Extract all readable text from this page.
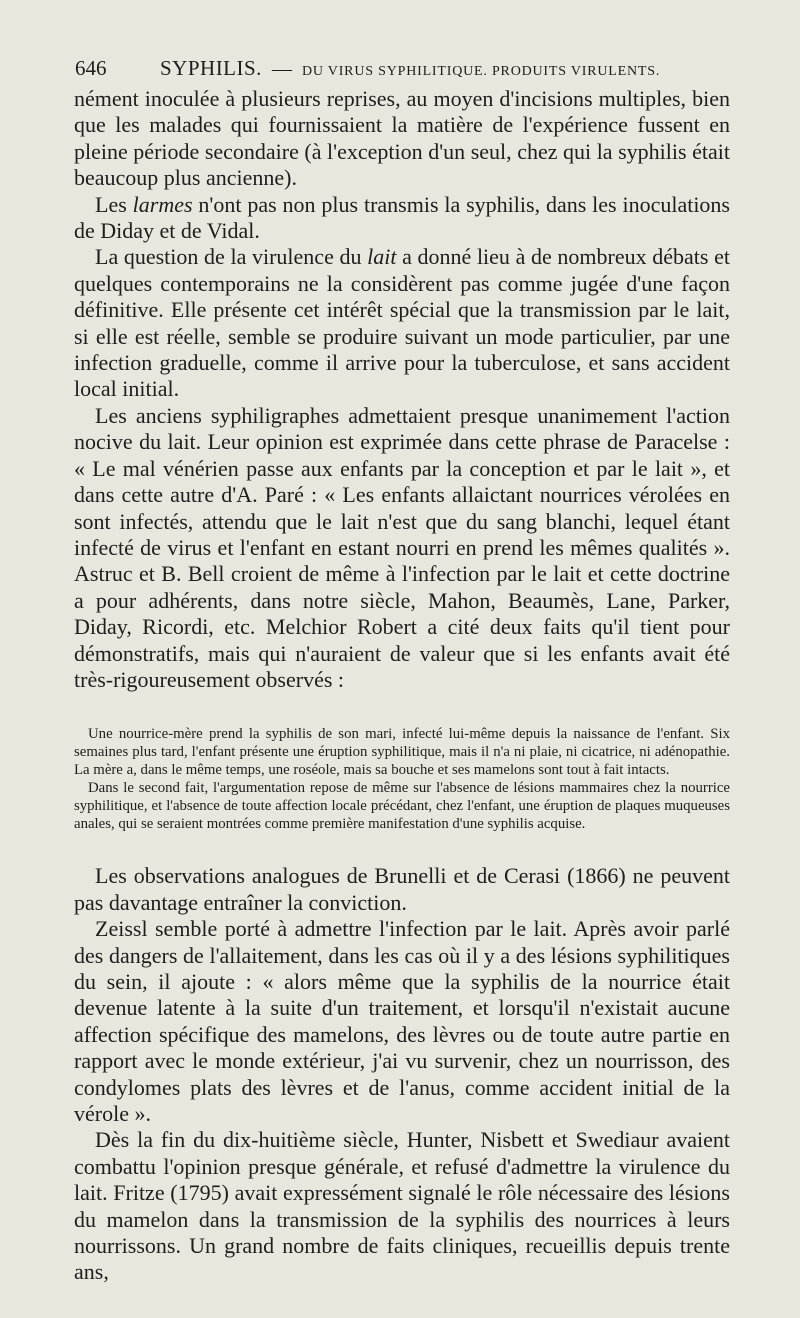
646	SYPHILIS. — DU VIRUS SYPHILITIQUE. PRODUITS VIRULENTS.

nément inoculée à plusieurs reprises, au moyen d'incisions multiples, bien que les malades qui fournissaient la matière de l'expérience fussent en pleine période secondaire (à l'exception d'un seul, chez qui la syphilis était beaucoup plus ancienne).

Les larmes n'ont pas non plus transmis la syphilis, dans les inoculations de Diday et de Vidal.

La question de la virulence du lait a donné lieu à de nombreux débats et quelques contemporains ne la considèrent pas comme jugée d'une façon définitive. Elle présente cet intérêt spécial que la transmission par le lait, si elle est réelle, semble se produire suivant un mode particulier, par une infection graduelle, comme il arrive pour la tuberculose, et sans accident local initial.

Les anciens syphiligraphes admettaient presque unanimement l'action nocive du lait. Leur opinion est exprimée dans cette phrase de Paracelse : « Le mal vénérien passe aux enfants par la conception et par le lait », et dans cette autre d'A. Paré : « Les enfants allaictant nourrices vérolées en sont infectés, attendu que le lait n'est que du sang blanchi, lequel étant infecté de virus et l'enfant en estant nourri en prend les mêmes qualités ». Astruc et B. Bell croient de même à l'infection par le lait et cette doctrine a pour adhérents, dans notre siècle, Mahon, Beaumès, Lane, Parker, Diday, Ricordi, etc. Melchior Robert a cité deux faits qu'il tient pour démonstratifs, mais qui n'auraient de valeur que si les enfants avait été très-rigoureusement observés :

Une nourrice-mère prend la syphilis de son mari, infecté lui-même depuis la naissance de l'enfant. Six semaines plus tard, l'enfant présente une éruption syphilitique, mais il n'a ni plaie, ni cicatrice, ni adénopathie. La mère a, dans le même temps, une roséole, mais sa bouche et ses mamelons sont tout à fait intacts.

Dans le second fait, l'argumentation repose de même sur l'absence de lésions mammaires chez la nourrice syphilitique, et l'absence de toute affection locale précédant, chez l'enfant, une éruption de plaques muqueuses anales, qui se seraient montrées comme première manifestation d'une syphilis acquise.

Les observations analogues de Brunelli et de Cerasi (1866) ne peuvent pas davantage entraîner la conviction.

Zeissl semble porté à admettre l'infection par le lait. Après avoir parlé des dangers de l'allaitement, dans les cas où il y a des lésions syphilitiques du sein, il ajoute : « alors même que la syphilis de la nourrice était devenue latente à la suite d'un traitement, et lorsqu'il n'existait aucune affection spécifique des mamelons, des lèvres ou de toute autre partie en rapport avec le monde extérieur, j'ai vu survenir, chez un nourrisson, des condylomes plats des lèvres et de l'anus, comme accident initial de la vérole ».

Dès la fin du dix-huitième siècle, Hunter, Nisbett et Swediaur avaient combattu l'opinion presque générale, et refusé d'admettre la virulence du lait. Fritze (1795) avait expressément signalé le rôle nécessaire des lésions du mamelon dans la transmission de la syphilis des nourrices à leurs nourrissons. Un grand nombre de faits cliniques, recueillis depuis trente ans,
